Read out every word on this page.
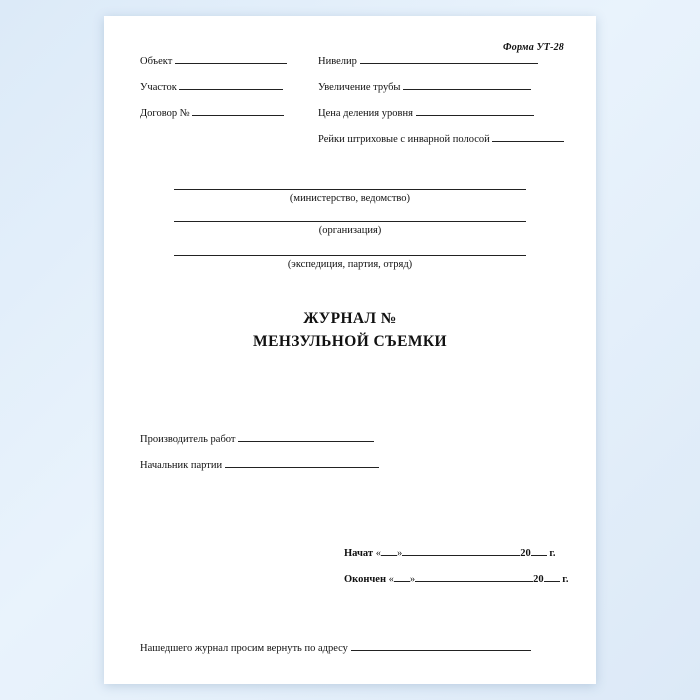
Форма УТ-28
Объект
Участок
Договор №
Нивелир
Увеличение трубы
Цена деления уровня
Рейки штриховые с инварной полосой
(министерство, ведомство)
(организация)
(экспедиция, партия, отряд)
ЖУРНАЛ №
МЕНЗУЛЬНОЙ СЪЕМКИ
Производитель работ
Начальник партии
Начат « »	20 г.
Окончен « »	20 г.
Нашедшего журнал просим вернуть по адресу
